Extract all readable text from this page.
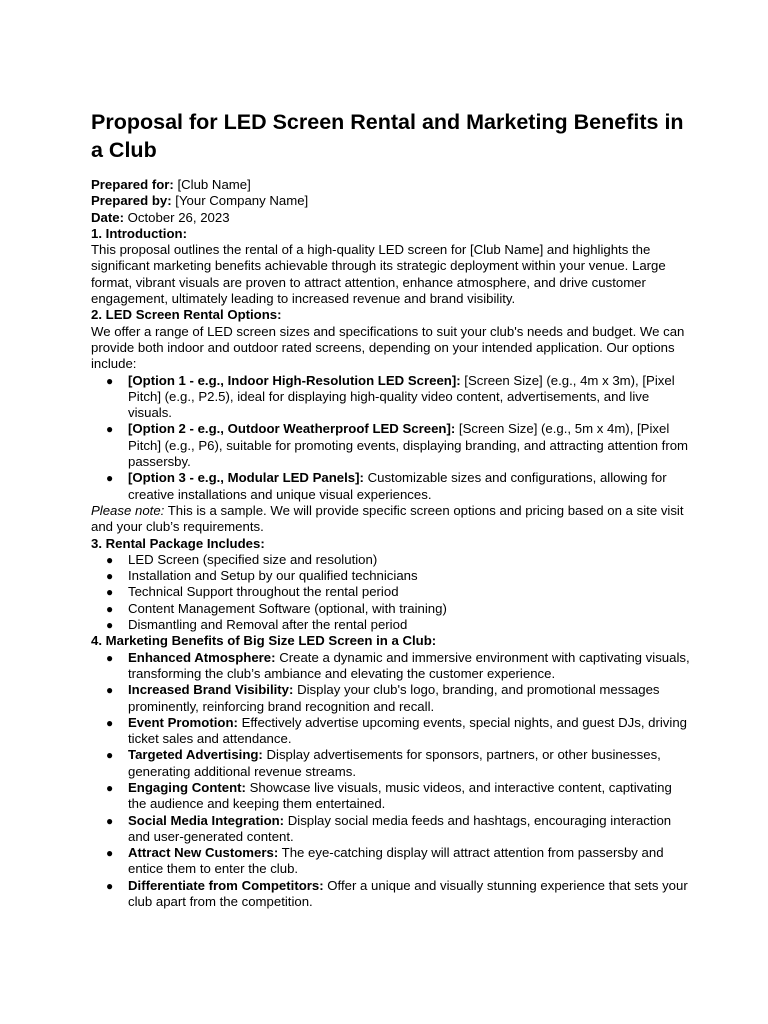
Proposal for LED Screen Rental and Marketing Benefits in a Club

Prepared for: [Club Name]

Prepared by: [Your Company Name]

Date: October 26, 2023

1. Introduction:

This proposal outlines the rental of a high-quality LED screen for [Club Name] and highlights the significant marketing benefits achievable through its strategic deployment within your venue. Large format, vibrant visuals are proven to attract attention, enhance atmosphere, and drive customer engagement, ultimately leading to increased revenue and brand visibility.

2. LED Screen Rental Options:

We offer a range of LED screen sizes and specifications to suit your club's needs and budget. We can provide both indoor and outdoor rated screens, depending on your intended application. Our options include:

● [Option 1 - e.g., Indoor High-Resolution LED Screen]: [Screen Size] (e.g., 4m x 3m), [Pixel Pitch] (e.g., P2.5), ideal for displaying high-quality video content, advertisements, and live visuals.
● [Option 2 - e.g., Outdoor Weatherproof LED Screen]: [Screen Size] (e.g., 5m x 4m), [Pixel Pitch] (e.g., P6), suitable for promoting events, displaying branding, and attracting attention from passersby.
● [Option 3 - e.g., Modular LED Panels]: Customizable sizes and configurations, allowing for creative installations and unique visual experiences.

Please note: This is a sample. We will provide specific screen options and pricing based on a site visit and your club’s requirements.

3. Rental Package Includes:

● LED Screen (specified size and resolution)
● Installation and Setup by our qualified technicians
● Technical Support throughout the rental period
● Content Management Software (optional, with training)
● Dismantling and Removal after the rental period

4. Marketing Benefits of Big Size LED Screen in a Club:

● Enhanced Atmosphere: Create a dynamic and immersive environment with captivating visuals, transforming the club’s ambiance and elevating the customer experience.
● Increased Brand Visibility: Display your club's logo, branding, and promotional messages prominently, reinforcing brand recognition and recall.
● Event Promotion: Effectively advertise upcoming events, special nights, and guest DJs, driving ticket sales and attendance.
● Targeted Advertising: Display advertisements for sponsors, partners, or other businesses, generating additional revenue streams.
● Engaging Content: Showcase live visuals, music videos, and interactive content, captivating the audience and keeping them entertained.
● Social Media Integration: Display social media feeds and hashtags, encouraging interaction and user-generated content.
● Attract New Customers: The eye-catching display will attract attention from passersby and entice them to enter the club.
● Differentiate from Competitors: Offer a unique and visually stunning experience that sets your club apart from the competition.
